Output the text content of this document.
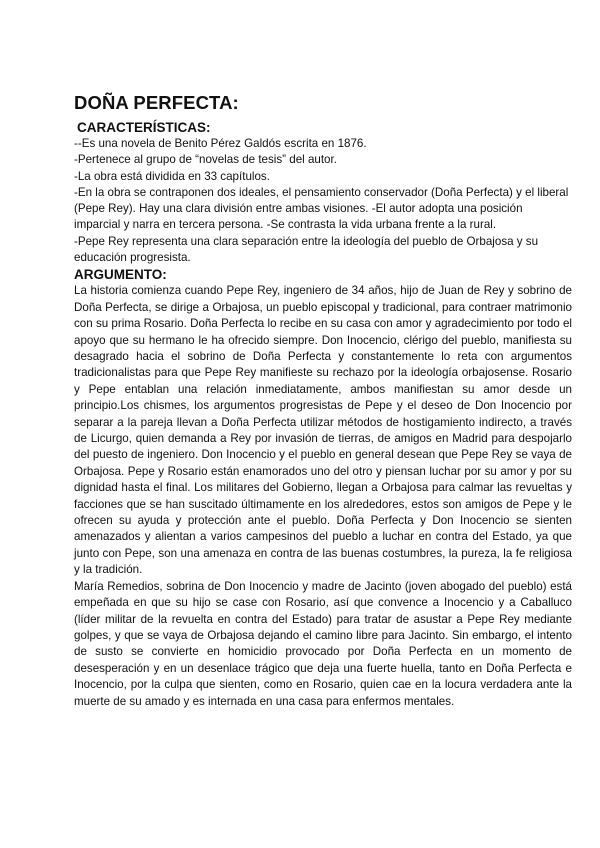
DOÑA PERFECTA:
CARACTERÍSTICAS:

--Es una novela de Benito Pérez Galdós escrita en 1876.

-Pertenece al grupo de “novelas de tesis” del autor.

-La obra está dividida en 33 capítulos.

-En la obra se contraponen dos ideales, el pensamiento conservador (Doña Perfecta) y el liberal (Pepe Rey). Hay una clara división entre ambas visiones. -El autor adopta una posición imparcial y narra en tercera persona. -Se contrasta la vida urbana frente a la rural.

-Pepe Rey representa una clara separación entre la ideología del pueblo de Orbajosa y su educación progresista.

ARGUMENTO:

La historia comienza cuando Pepe Rey, ingeniero de 34 años, hijo de Juan de Rey y sobrino de Doña Perfecta, se dirige a Orbajosa, un pueblo episcopal y tradicional, para contraer matrimonio con su prima Rosario. Doña Perfecta lo recibe en su casa con amor y agradecimiento por todo el apoyo que su hermano le ha ofrecido siempre. Don Inocencio, clérigo del pueblo, manifiesta su desagrado hacia el sobrino de Doña Perfecta y constantemente lo reta con argumentos tradicionalistas para que Pepe Rey manifieste su rechazo por la ideología orbajosense. Rosario y Pepe entablan una relación inmediatamente, ambos manifiestan su amor desde un principio.Los chismes, los argumentos progresistas de Pepe y el deseo de Don Inocencio por separar a la pareja llevan a Doña Perfecta utilizar métodos de hostigamiento indirecto, a través de Licurgo, quien demanda a Rey por invasión de tierras, de amigos en Madrid para despojarlo del puesto de ingeniero. Don Inocencio y el pueblo en general desean que Pepe Rey se vaya de Orbajosa. Pepe y Rosario están enamorados uno del otro y piensan luchar por su amor y por su dignidad hasta el final. Los militares del Gobierno, llegan a Orbajosa para calmar las revueltas y facciones que se han suscitado últimamente en los alrededores, estos son amigos de Pepe y le ofrecen su ayuda y protección ante el pueblo. Doña Perfecta y Don Inocencio se sienten amenazados y alientan a varios campesinos del pueblo a luchar en contra del Estado, ya que junto con Pepe, son una amenaza en contra de las buenas costumbres, la pureza, la fe religiosa y la tradición.

María Remedios, sobrina de Don Inocencio y madre de Jacinto (joven abogado del pueblo) está empeñada en que su hijo se case con Rosario, así que convence a Inocencio y a Caballuco (líder militar de la revuelta en contra del Estado) para tratar de asustar a Pepe Rey mediante golpes, y que se vaya de Orbajosa dejando el camino libre para Jacinto. Sin embargo, el intento de susto se convierte en homicidio provocado por Doña Perfecta en un momento de desesperación y en un desenlace trágico que deja una fuerte huella, tanto en Doña Perfecta e Inocencio, por la culpa que sienten, como en Rosario, quien cae en la locura verdadera ante la muerte de su amado y es internada en una casa para enfermos mentales.
